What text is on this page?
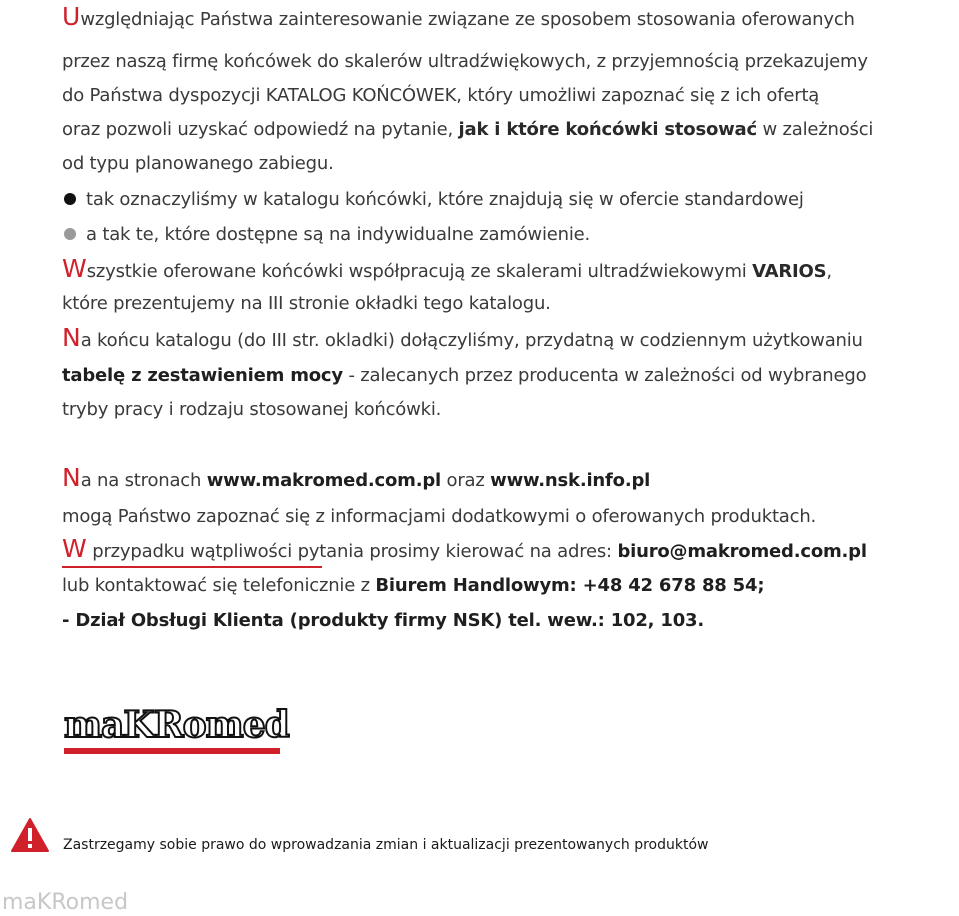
Uwzględniając Państwa zainteresowanie związane ze sposobem stosowania oferowanych
przez naszą firmę końcówek do skalerów ultradźwiękowych, z przyjemnością przekazujemy
do Państwa dyspozycji KATALOG KOŃCÓWEK, który umożliwi zapoznać się z ich ofertą
oraz pozwoli uzyskać odpowiedź na pytanie, jak i które końcówki stosować w zależności
od typu planowanego zabiegu.
tak oznaczyliśmy w katalogu końcówki, które znajdują się w ofercie standardowej
a tak te, które dostępne są na indywidualne zamówienie.
Wszystkie oferowane końcówki współpracują ze skalerami ultradźwiekowymi VARIOS,
które prezentujemy na III stronie okładki tego katalogu.
Na końcu katalogu (do III str. okladki) dołączyliśmy, przydatną w codziennym użytkowaniu
tabelę z zestawieniem mocy - zalecanych przez producenta w zależności od wybranego
tryby pracy i rodzaju stosowanej końcówki.
Na na stronach www.makromed.com.pl oraz www.nsk.info.pl
mogą Państwo zapoznać się z informacjami dodatkowymi o oferowanych produktach.
W przypadku wątpliwości pytania prosimy kierować na adres: biuro@makromed.com.pl
lub kontaktować się telefonicznie z Biurem Handlowym: +48 42 678 88 54;
- Dział Obsługi Klienta (produkty firmy NSK) tel. wew.: 102, 103.
maKRomed
Zastrzegamy sobie prawo do wprowadzania zmian i aktualizacji prezentowanych produktów
maKRomed
